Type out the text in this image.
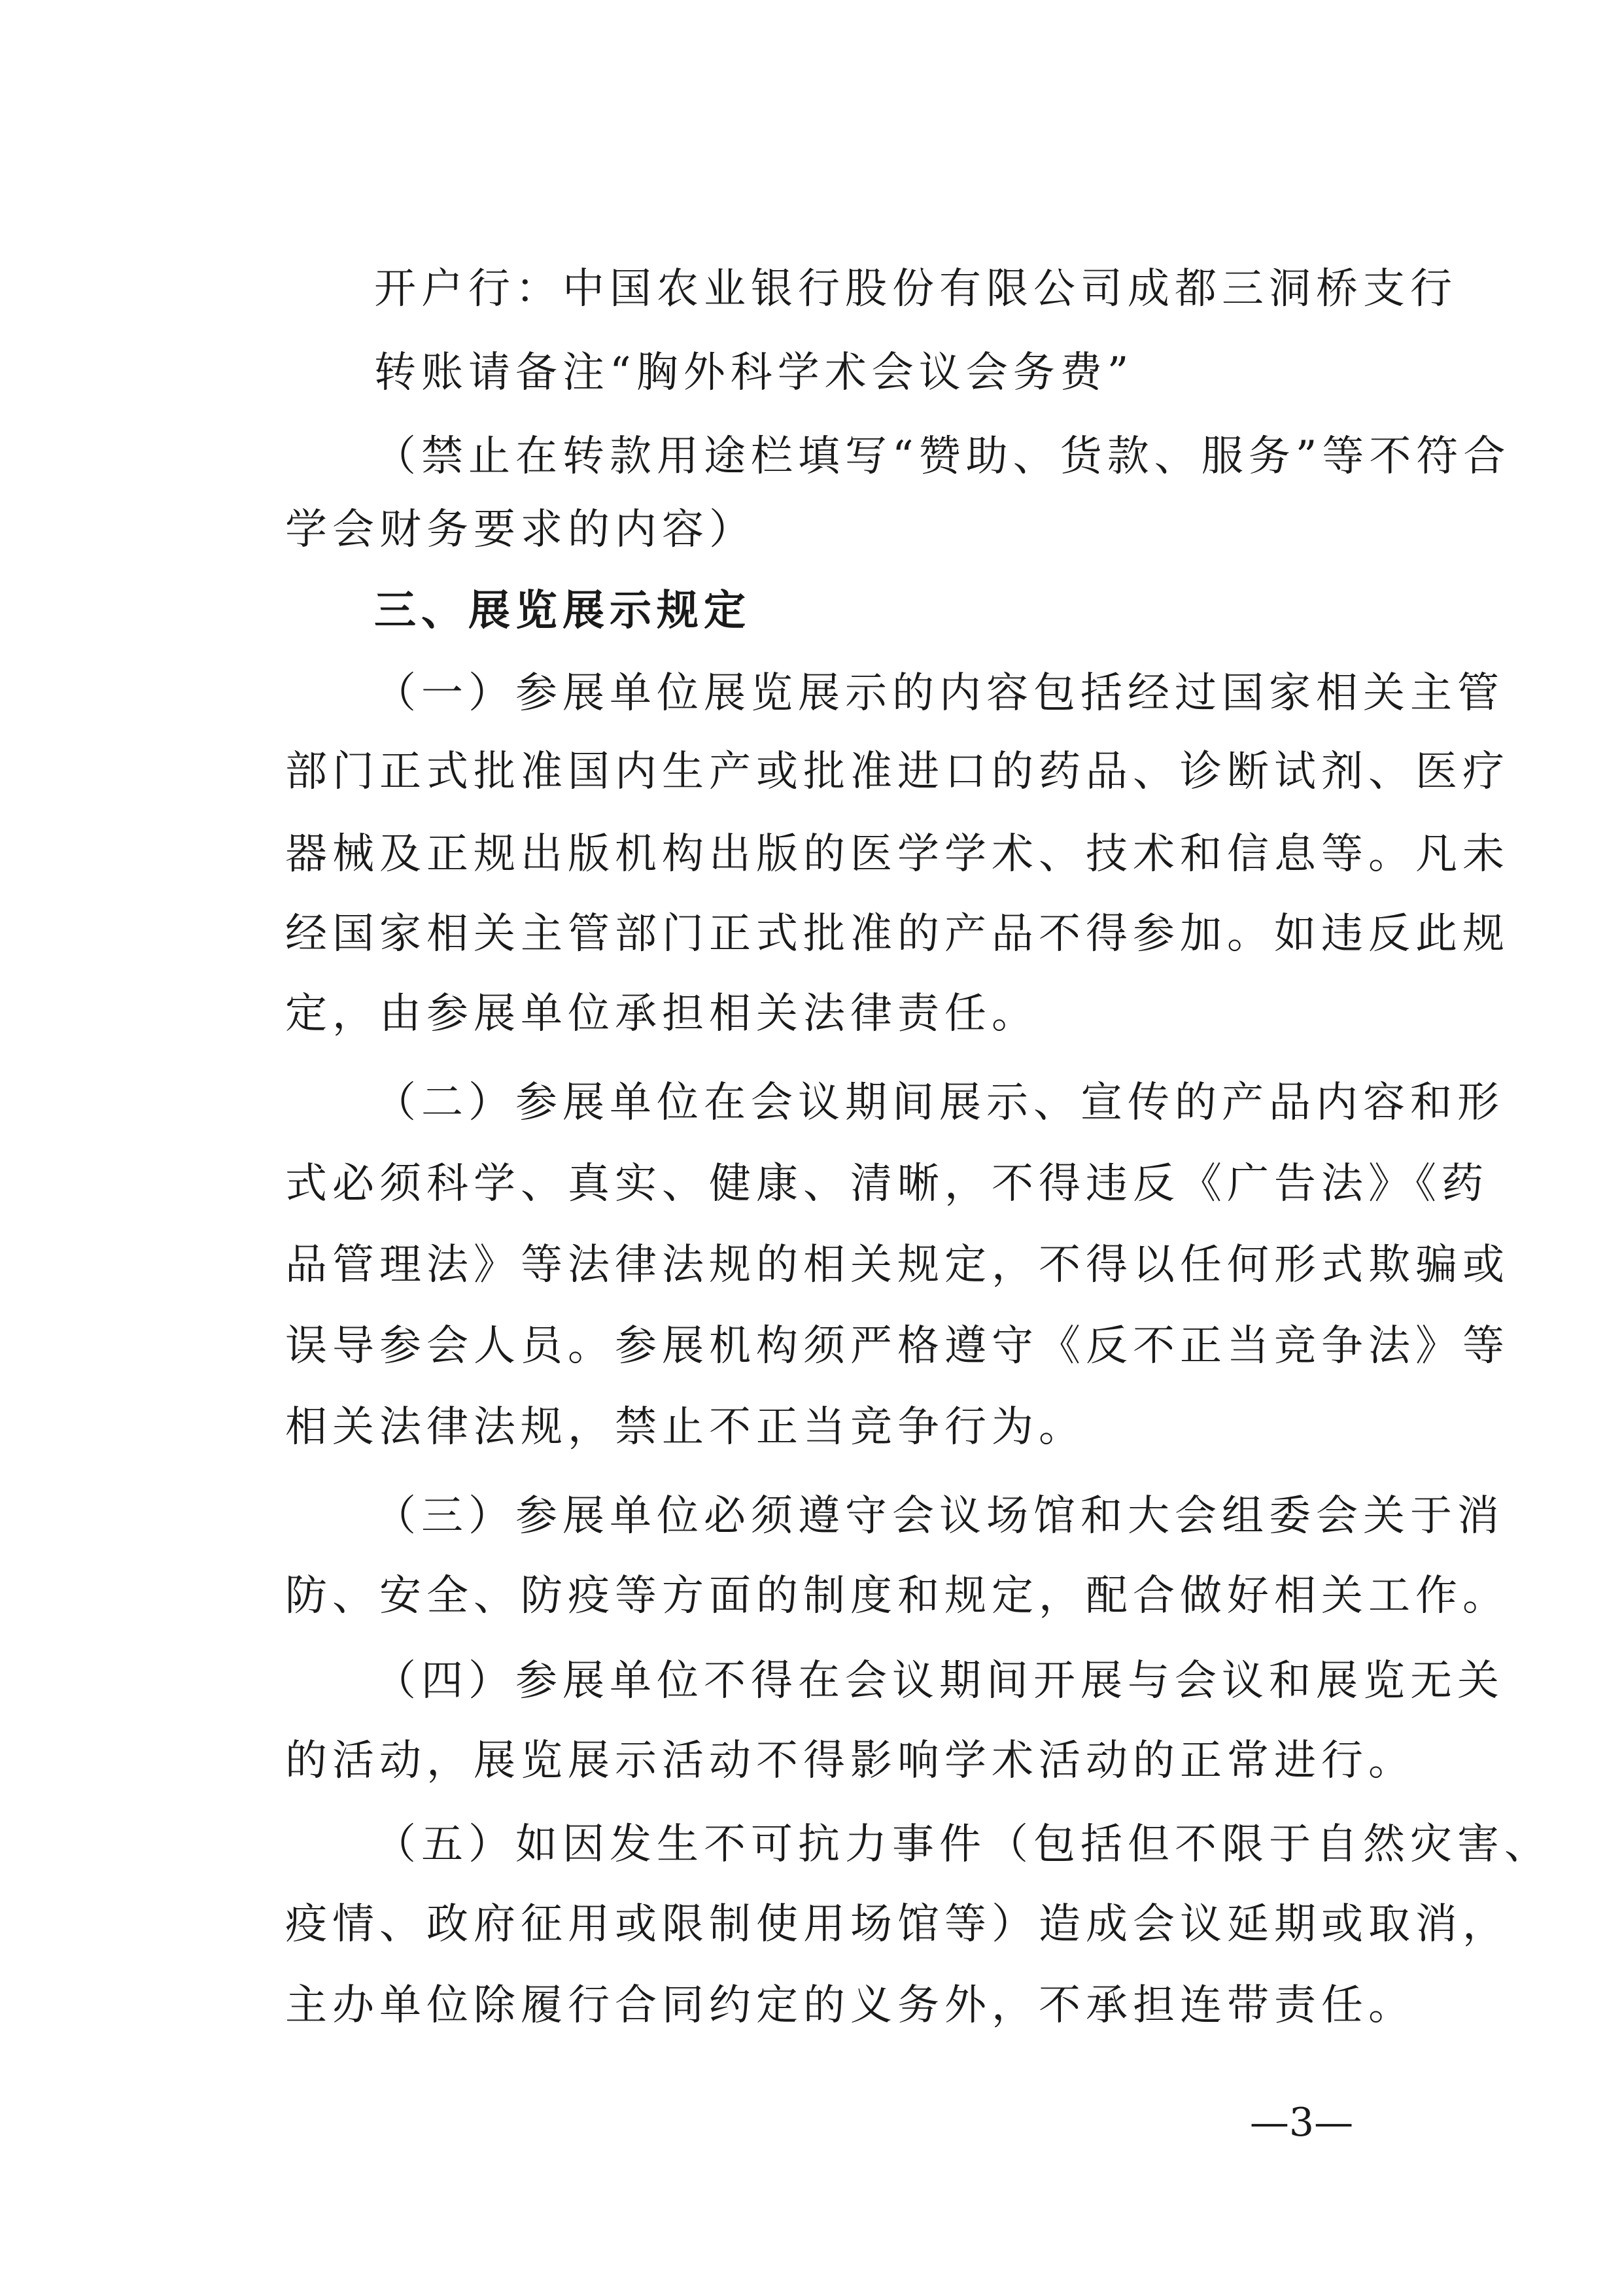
开户行：中国农业银行股份有限公司成都三洞桥支行
转账请备注“胸外科学术会议会务费”
（禁止在转款用途栏填写“赞助、货款、服务”等不符合
学会财务要求的内容）
三、展览展示规定
（一）参展单位展览展示的内容包括经过国家相关主管
部门正式批准国内生产或批准进口的药品、诊断试剂、医疗
器械及正规出版机构出版的医学学术、技术和信息等。凡未
经国家相关主管部门正式批准的产品不得参加。如违反此规
定，由参展单位承担相关法律责任。
（二）参展单位在会议期间展示、宣传的产品内容和形
式必须科学、真实、健康、清晰，不得违反《广告法》《药
品管理法》等法律法规的相关规定，不得以任何形式欺骗或
误导参会人员。参展机构须严格遵守《反不正当竞争法》等
相关法律法规，禁止不正当竞争行为。
（三）参展单位必须遵守会议场馆和大会组委会关于消
防、安全、防疫等方面的制度和规定，配合做好相关工作。
（四）参展单位不得在会议期间开展与会议和展览无关
的活动，展览展示活动不得影响学术活动的正常进行。
（五）如因发生不可抗力事件（包括但不限于自然灾害、
疫情、政府征用或限制使用场馆等）造成会议延期或取消，
主办单位除履行合同约定的义务外，不承担连带责任。
—3—
